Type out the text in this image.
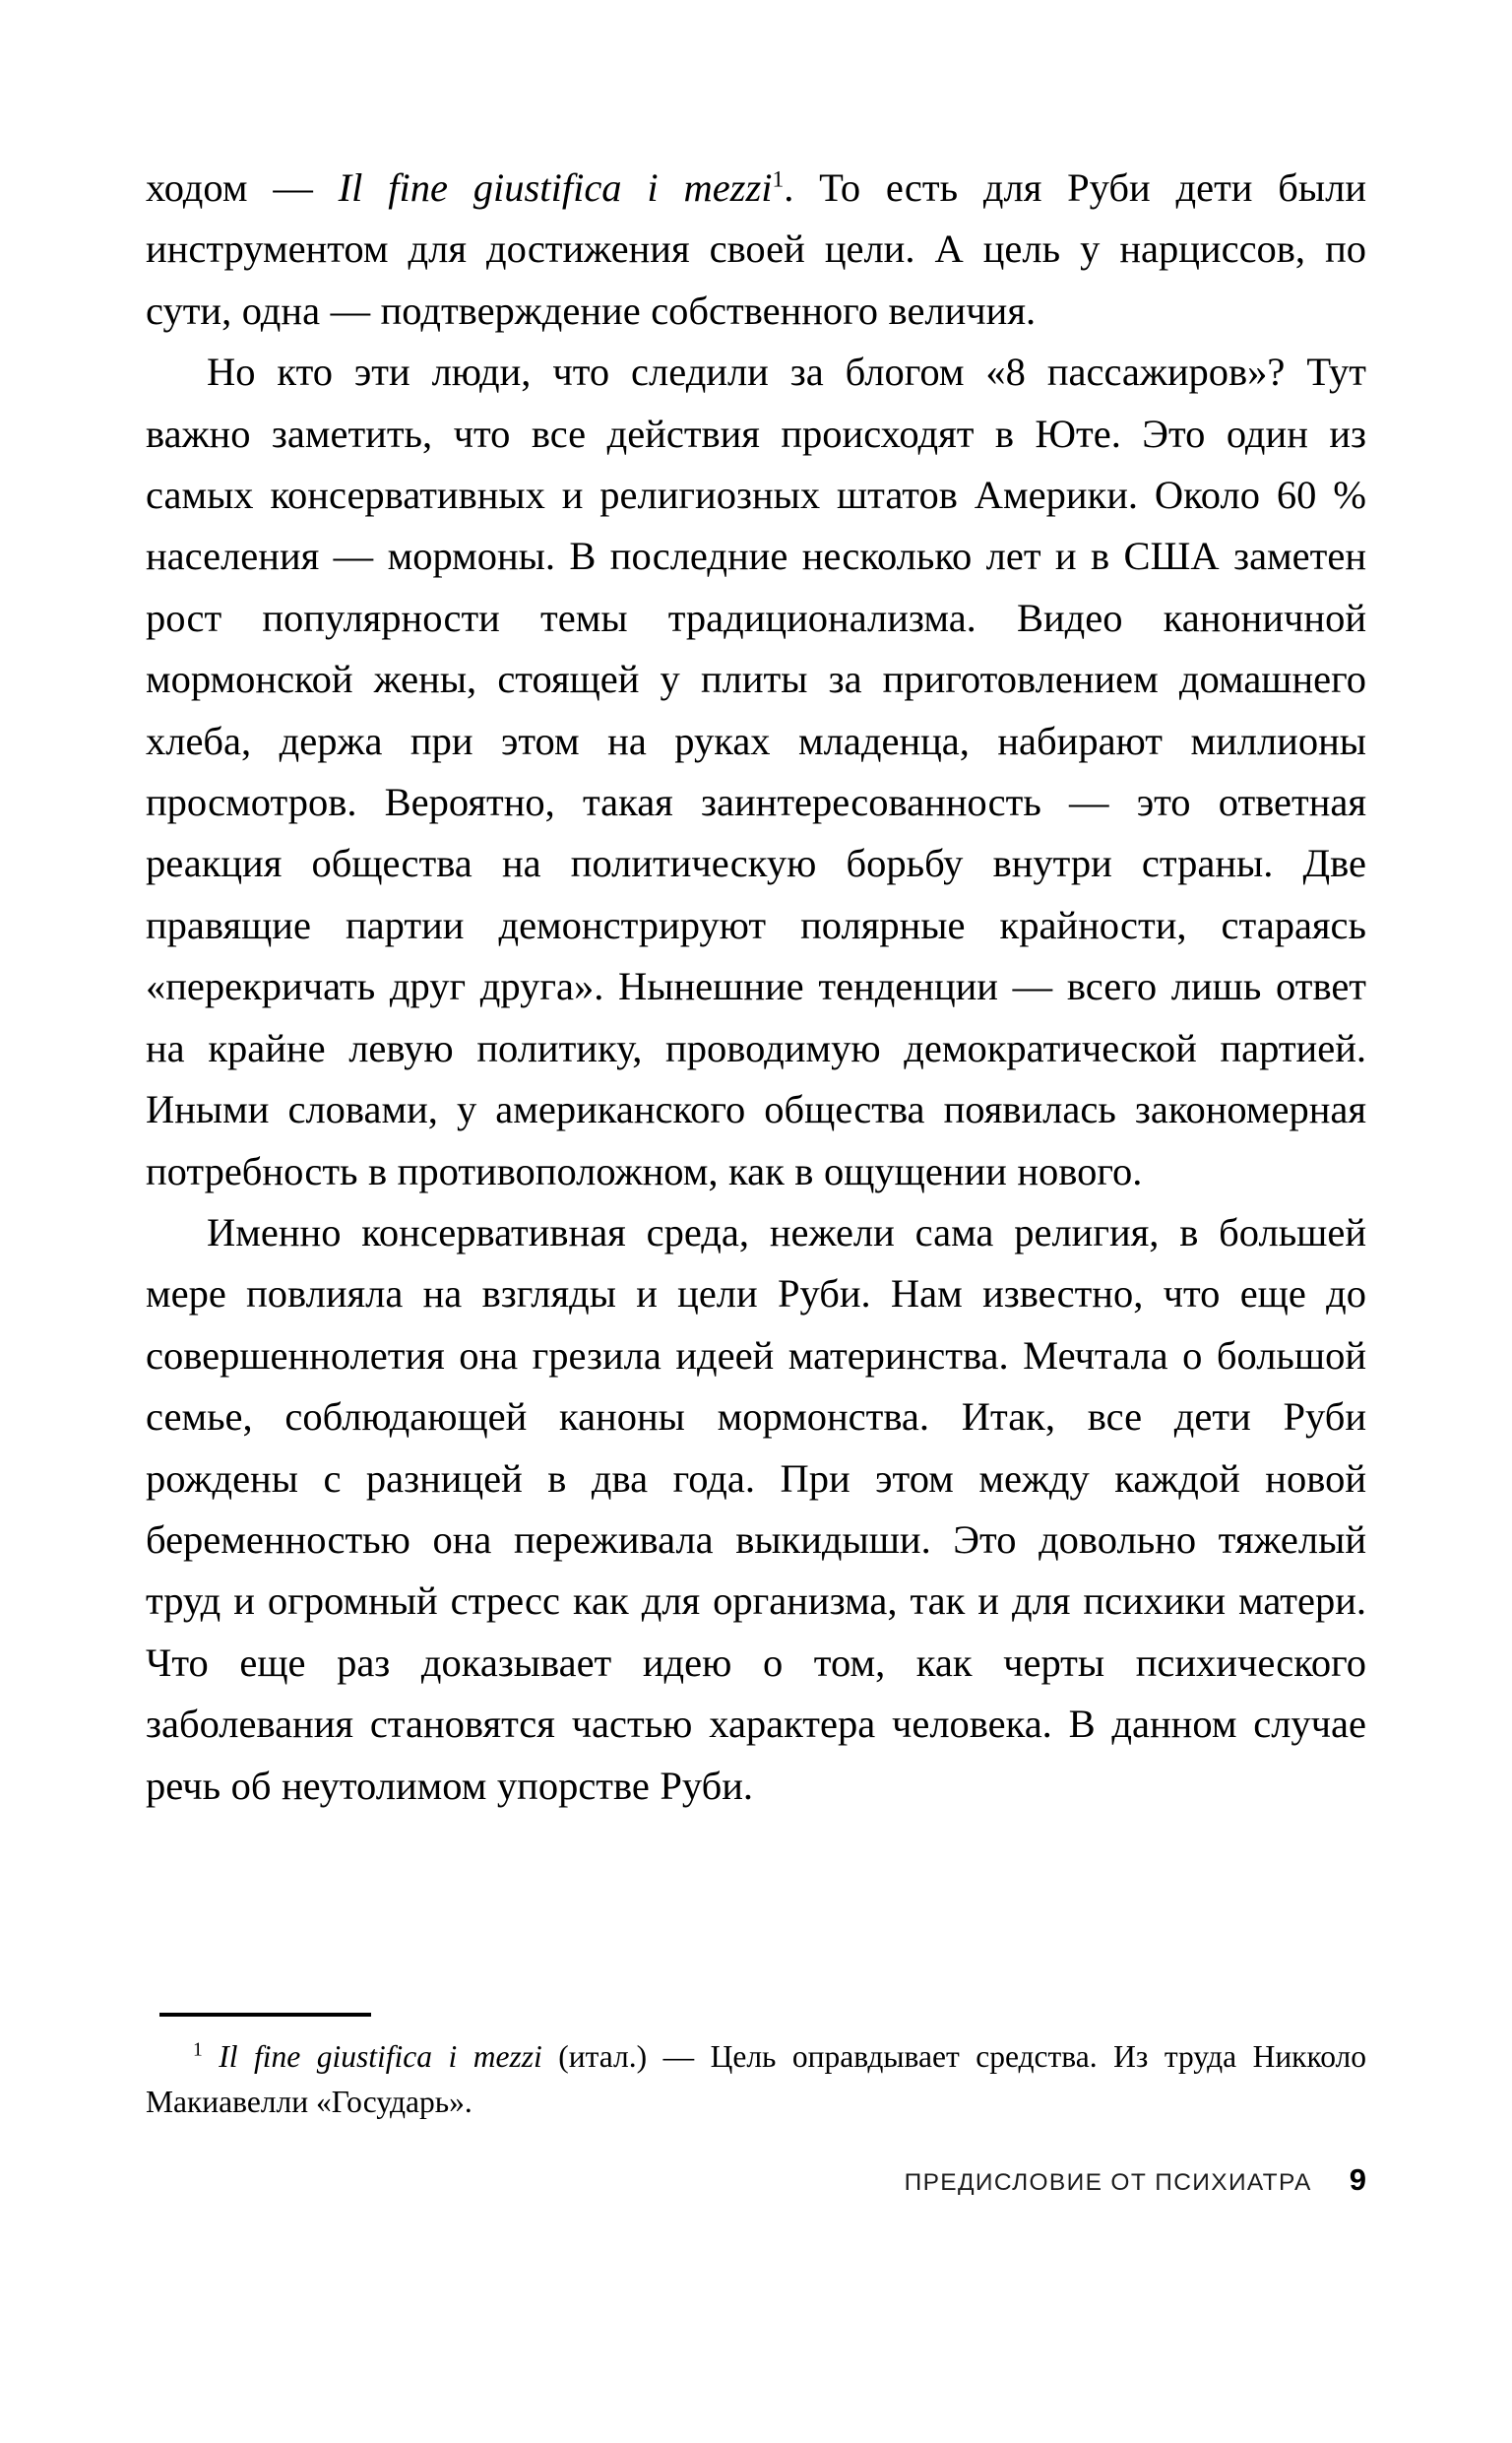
ходом — Il fine giustifica i mezzi$^1$. То есть для Руби дети были инструментом для достижения своей цели. А цель у нарциссов, по сути, одна — подтверждение собственного величия.

Но кто эти люди, что следили за блогом «8 пассажиров»? Тут важно заметить, что все действия происходят в Юте. Это один из самых консервативных и религиозных штатов Америки. Около 60 % населения — мормоны. В последние несколько лет и в США заметен рост популярности темы традиционализма. Видео каноничной мормонской жены, стоящей у плиты за приготовлением домашнего хлеба, держа при этом на руках младенца, набирают миллионы просмотров. Вероятно, такая заинтересованность — это ответная реакция общества на политическую борьбу внутри страны. Две правящие партии демонстрируют полярные крайности, стараясь «перекричать друг друга». Нынешние тенденции — всего лишь ответ на крайне левую политику, проводимую демократической партией. Иными словами, у американского общества появилась закономерная потребность в противоположном, как в ощущении нового.

Именно консервативная среда, нежели сама религия, в большей мере повлияла на взгляды и цели Руби. Нам известно, что еще до совершеннолетия она грезила идеей материнства. Мечтала о большой семье, соблюдающей каноны мормонства. Итак, все дети Руби рождены с разницей в два года. При этом между каждой новой беременностью она переживала выкидыши. Это довольно тяжелый труд и огромный стресс как для организма, так и для психики матери. Что еще раз доказывает идею о том, как черты психического заболевания становятся частью характера человека. В данном случае речь об неутолимом упорстве Руби.

$^1$ Il fine giustifica i mezzi (итал.) — Цель оправдывает средства. Из труда Никколо Макиавелли «Государь».

ПРЕДИСЛОВИЕ ОТ ПСИХИАТРА 9
